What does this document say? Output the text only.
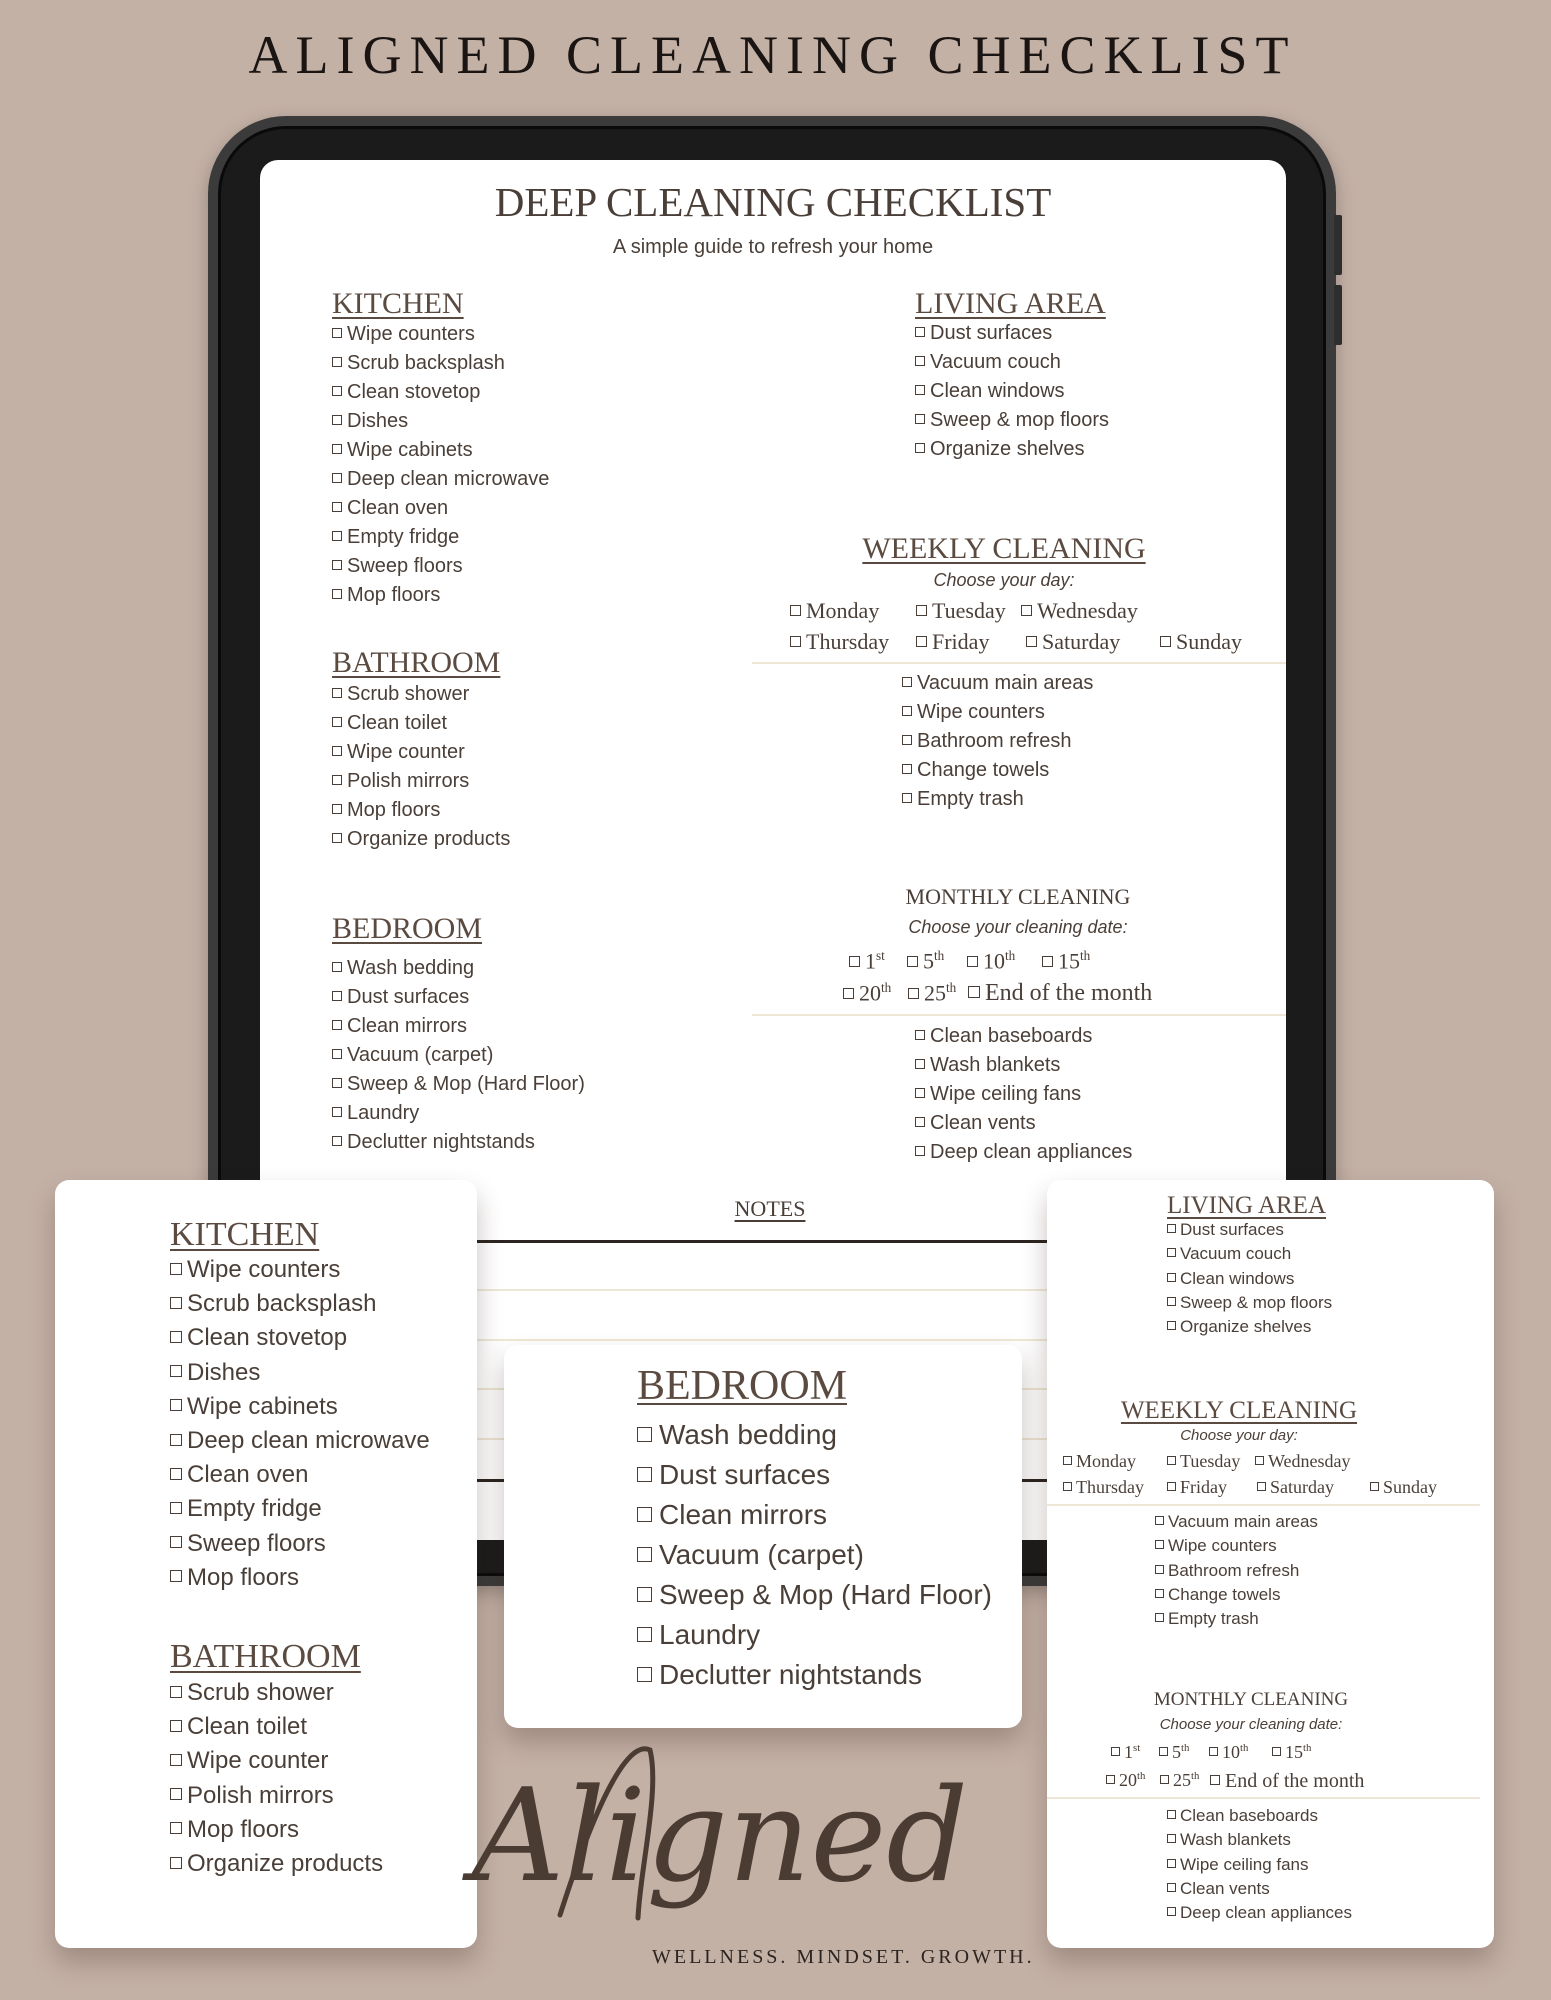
ALIGNED CLEANING CHECKLIST
DEEP CLEANING CHECKLIST
A simple guide to refresh your home
NOTES
Aligned
WELLNESS. MINDSET. GROWTH.
KITCHEN
Wipe counters
Scrub backsplash
Clean stovetop
Dishes
Wipe cabinets
Deep clean microwave
Clean oven
Empty fridge
Sweep floors
Mop floors
BATHROOM
Scrub shower
Clean toilet
Wipe counter
Polish mirrors
Mop floors
Organize products
BEDROOM
Wash bedding
Dust surfaces
Clean mirrors
Vacuum (carpet)
Sweep & Mop (Hard Floor)
Laundry
Declutter nightstands
LIVING AREA
Dust surfaces
Vacuum couch
Clean windows
Sweep & mop floors
Organize shelves
WEEKLY CLEANING
Choose your day:
Monday	Tuesday	Wednesday
Thursday	Friday	Saturday	Sunday
Vacuum main areas
Wipe counters
Bathroom refresh
Change towels
Empty trash
MONTHLY CLEANING
Choose your cleaning date:
1st	5th	10th	15th
20th	25th	End of the month
Clean baseboards
Wash blankets
Wipe ceiling fans
Clean vents
Deep clean appliances
KITCHEN
Wipe counters
Scrub backsplash
Clean stovetop
Dishes
Wipe cabinets
Deep clean microwave
Clean oven
Empty fridge
Sweep floors
Mop floors
BATHROOM
Scrub shower
Clean toilet
Wipe counter
Polish mirrors
Mop floors
Organize products
BEDROOM
Wash bedding
Dust surfaces
Clean mirrors
Vacuum (carpet)
Sweep & Mop (Hard Floor)
Laundry
Declutter nightstands
LIVING AREA
Dust surfaces
Vacuum couch
Clean windows
Sweep & mop floors
Organize shelves
WEEKLY CLEANING
Choose your day:
Monday	Tuesday	Wednesday
Thursday	Friday	Saturday	Sunday
Vacuum main areas
Wipe counters
Bathroom refresh
Change towels
Empty trash
MONTHLY CLEANING
Choose your cleaning date:
1st	5th	10th	15th
20th	25th	End of the month
Clean baseboards
Wash blankets
Wipe ceiling fans
Clean vents
Deep clean appliances
